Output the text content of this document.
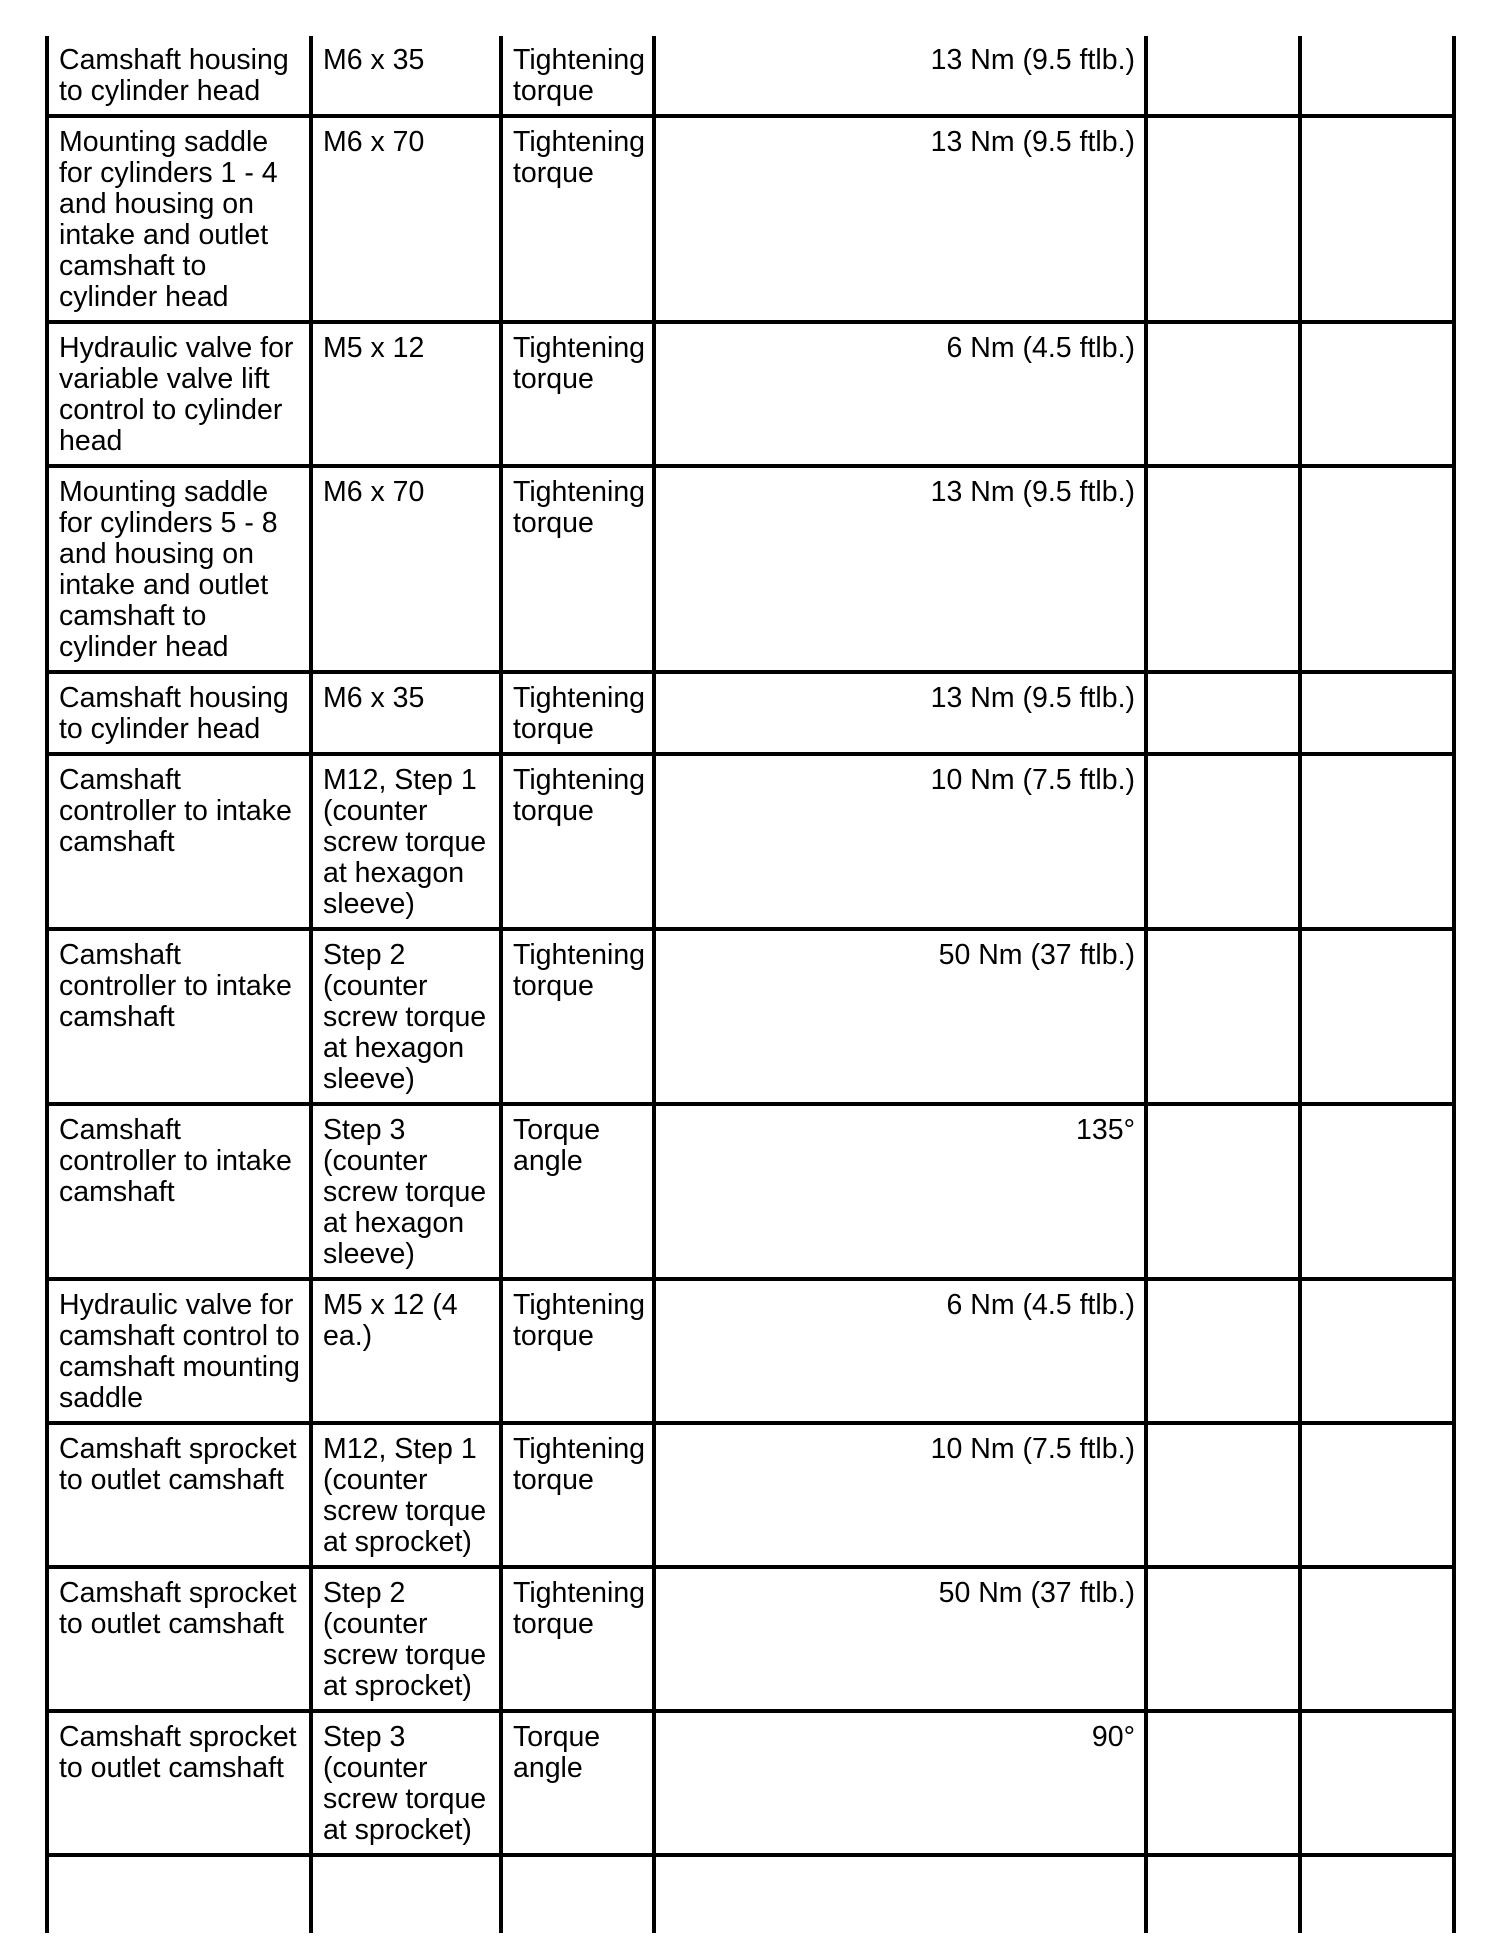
Camshaft housing to cylinder head	M6 x 35	Tightening torque	13 Nm (9.5 ftlb.)		
Mounting saddle for cylinders 1 - 4 and housing on intake and outlet camshaft to cylinder head	M6 x 70	Tightening torque	13 Nm (9.5 ftlb.)		
Hydraulic valve for variable valve lift control to cylinder head	M5 x 12	Tightening torque	6 Nm (4.5 ftlb.)		
Mounting saddle for cylinders 5 - 8 and housing on intake and outlet camshaft to cylinder head	M6 x 70	Tightening torque	13 Nm (9.5 ftlb.)		
Camshaft housing to cylinder head	M6 x 35	Tightening torque	13 Nm (9.5 ftlb.)		
Camshaft controller to intake camshaft	M12, Step 1 (counter screw torque at hexagon sleeve)	Tightening torque	10 Nm (7.5 ftlb.)		
Camshaft controller to intake camshaft	Step 2 (counter screw torque at hexagon sleeve)	Tightening torque	50 Nm (37 ftlb.)		
Camshaft controller to intake camshaft	Step 3 (counter screw torque at hexagon sleeve)	Torque angle	135°		
Hydraulic valve for camshaft control to camshaft mounting saddle	M5 x 12 (4 ea.)	Tightening torque	6 Nm (4.5 ftlb.)		
Camshaft sprocket to outlet camshaft	M12, Step 1 (counter screw torque at sprocket)	Tightening torque	10 Nm (7.5 ftlb.)		
Camshaft sprocket to outlet camshaft	Step 2 (counter screw torque at sprocket)	Tightening torque	50 Nm (37 ftlb.)		
Camshaft sprocket to outlet camshaft	Step 3 (counter screw torque at sprocket)	Torque angle	90°		
